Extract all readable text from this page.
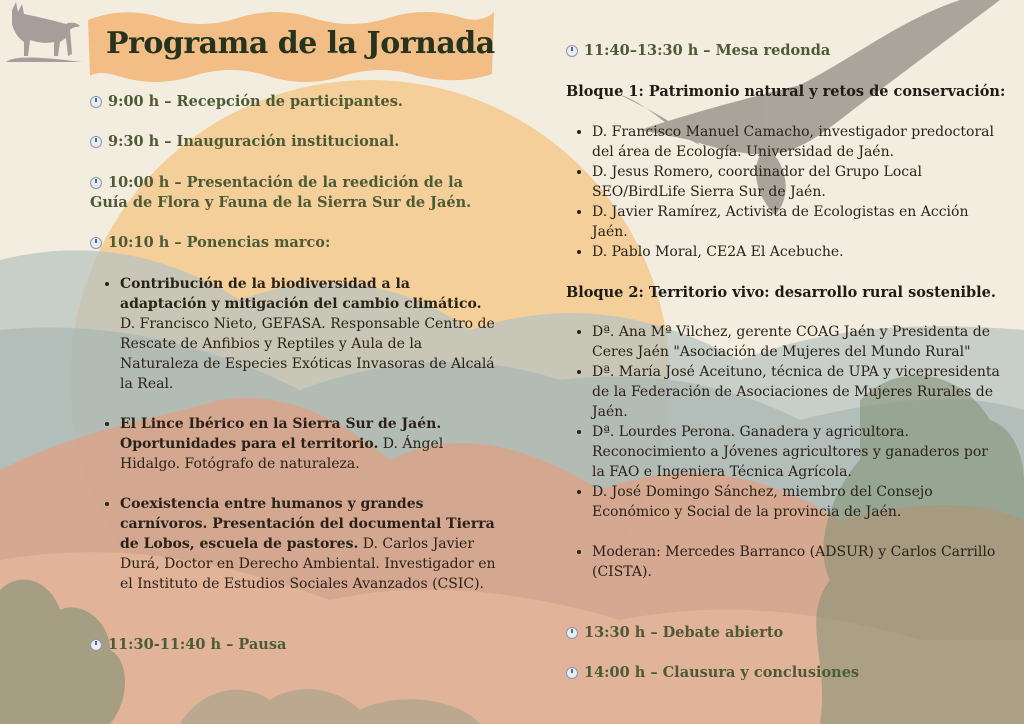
Programa de la Jornada
9:00 h – Recepción de participantes.
9:30 h – Inauguración institucional.
10:00 h – Presentación de la reedición de la
Guía de Flora y Fauna de la Sierra Sur de Jaén.
10:10 h – Ponencias marco:
• Contribución de la biodiversidad a la adaptación y mitigación del cambio climático. D. Francisco Nieto, GEFASA. Responsable Centro de Rescate de Anfibios y Reptiles y Aula de la Naturaleza de Especies Exóticas Invasoras de Alcalá la Real.
• El Lince Ibérico en la Sierra Sur de Jaén. Oportunidades para el territorio. D. Ángel Hidalgo. Fotógrafo de naturaleza.
• Coexistencia entre humanos y grandes carnívoros. Presentación del documental Tierra de Lobos, escuela de pastores. D. Carlos Javier Durá, Doctor en Derecho Ambiental. Investigador en el Instituto de Estudios Sociales Avanzados (CSIC).
11:30-11:40 h – Pausa
11:40–13:30 h – Mesa redonda
Bloque 1: Patrimonio natural y retos de conservación:
• D. Francisco Manuel Camacho, investigador predoctoral del área de Ecología. Universidad de Jaén.
• D. Jesus Romero, coordinador del Grupo Local SEO/BirdLife Sierra Sur de Jaén.
• D. Javier Ramírez, Activista de Ecologistas en Acción Jaén.
• D. Pablo Moral, CE2A El Acebuche.
Bloque 2: Territorio vivo: desarrollo rural sostenible.
• Dª. Ana Mª Vilchez, gerente COAG Jaén y Presidenta de Ceres Jaén "Asociación de Mujeres del Mundo Rural"
• Dª. María José Aceituno, técnica de UPA y vicepresidenta de la Federación de Asociaciones de Mujeres Rurales de Jaén.
• Dª. Lourdes Perona. Ganadera y agricultora. Reconocimiento a Jóvenes agricultores y ganaderos por la FAO e Ingeniera Técnica Agrícola.
• D. José Domingo Sánchez, miembro del Consejo Económico y Social de la provincia de Jaén.
• Moderan: Mercedes Barranco (ADSUR) y Carlos Carrillo (CISTA).
13:30 h – Debate abierto
14:00 h – Clausura y conclusiones
